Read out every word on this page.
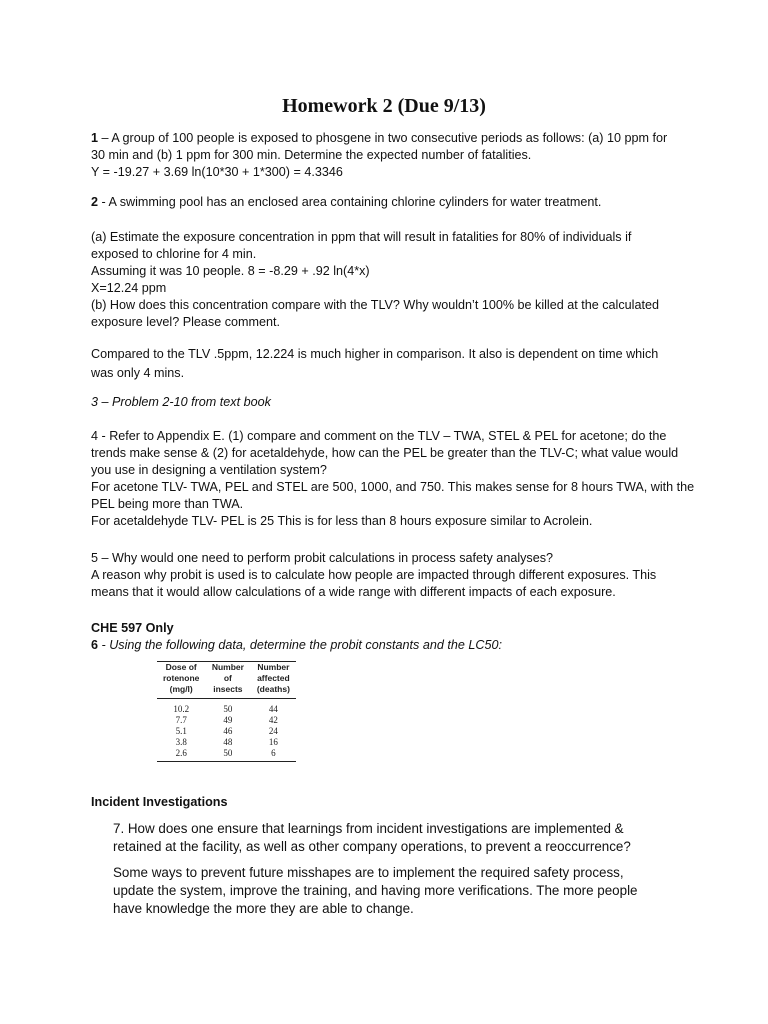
Homework 2 (Due 9/13)
1 – A group of 100 people is exposed to phosgene in two consecutive periods as follows: (a) 10 ppm for
30 min and (b) 1 ppm for 300 min. Determine the expected number of fatalities.
Y = -19.27 + 3.69 ln(10*30 + 1*300) = 4.3346
2 - A swimming pool has an enclosed area containing chlorine cylinders for water treatment.
(a) Estimate the exposure concentration in ppm that will result in fatalities for 80% of individuals if
exposed to chlorine for 4 min.
Assuming it was 10 people. 8 = -8.29 + .92 ln(4*x)
X=12.24 ppm
(b) How does this concentration compare with the TLV? Why wouldn’t 100% be killed at the calculated
exposure level? Please comment.
Compared to the TLV .5ppm, 12.224 is much higher in comparison. It also is dependent on time which
was only 4 mins.
3 – Problem 2-10 from text book
4 - Refer to Appendix E. (1) compare and comment on the TLV – TWA, STEL & PEL for acetone; do the
trends make sense & (2) for acetaldehyde, how can the PEL be greater than the TLV-C; what value would
you use in designing a ventilation system?
For acetone TLV- TWA, PEL and STEL are 500, 1000, and 750. This makes sense for 8 hours TWA, with the
PEL being more than TWA.
For acetaldehyde TLV- PEL is 25 This is for less than 8 hours exposure similar to Acrolein.
5 – Why would one need to perform probit calculations in process safety analyses?
A reason why probit is used is to calculate how people are impacted through different exposures. This
means that it would allow calculations of a wide range with different impacts of each exposure.
CHE 597 Only
6 - Using the following data, determine the probit constants and the LC50:
Dose of
rotenone
(mg/l)	Number
of
insects	Number
affected
(deaths)

10.2	50	44
7.7	49	42
5.1	46	24
3.8	48	16
2.6	50	6
Incident Investigations
7. How does one ensure that learnings from incident investigations are implemented &
retained at the facility, as well as other company operations, to prevent a reoccurrence?
Some ways to prevent future misshapes are to implement the required safety process,
update the system, improve the training, and having more verifications. The more people
have knowledge the more they are able to change.
